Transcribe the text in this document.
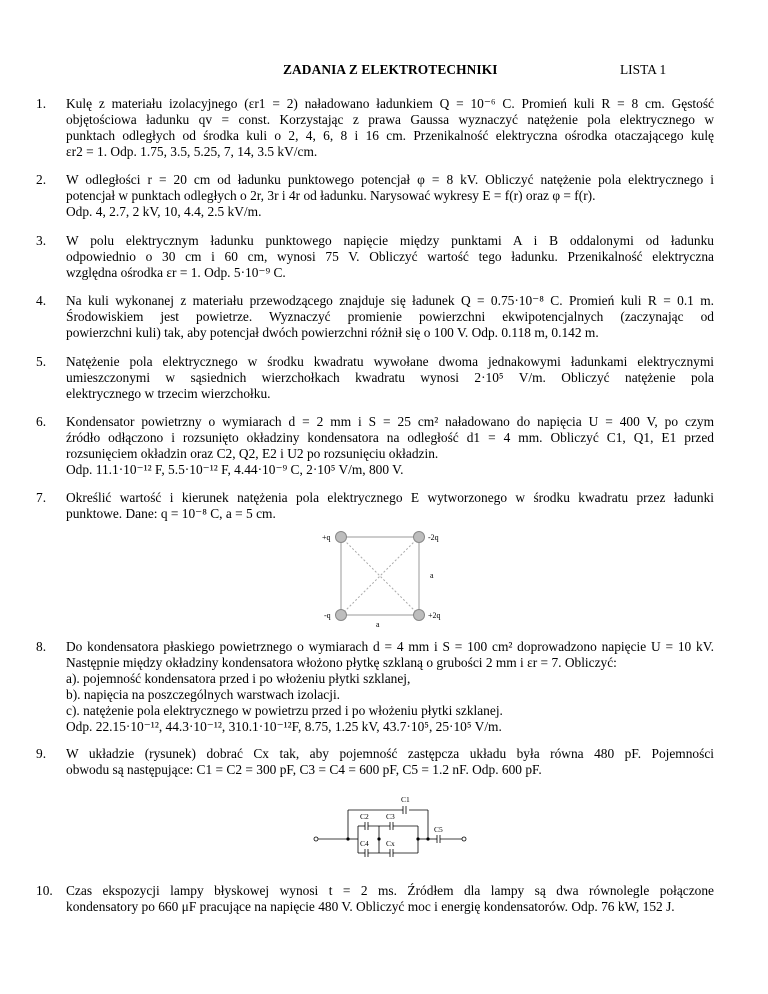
ZADANIA Z ELEKTROTECHNIKI	LISTA 1
1.	Kulę z materiału izolacyjnego (εr1 = 2) naładowano ładunkiem Q = 10⁻⁶ C. Promień kuli R = 8 cm. Gęstość
objętościowa ładunku qv = const. Korzystając z prawa Gaussa wyznaczyć natężenie pola elektrycznego w
punktach odległych od środka kuli o 2, 4, 6, 8 i 16 cm. Przenikalność elektryczna ośrodka otaczającego kulę
εr2 = 1. Odp. 1.75, 3.5, 5.25, 7, 14, 3.5 kV/cm.
2.	W odległości r = 20 cm od ładunku punktowego potencjał φ = 8 kV. Obliczyć natężenie pola elektrycznego i
potencjał w punktach odległych o 2r, 3r i 4r od ładunku. Narysować wykresy E = f(r) oraz φ = f(r).
Odp. 4, 2.7, 2 kV, 10, 4.4, 2.5 kV/m.
3.	W polu elektrycznym ładunku punktowego napięcie między punktami A i B oddalonymi od ładunku
odpowiednio o 30 cm i 60 cm, wynosi 75 V. Obliczyć wartość tego ładunku. Przenikalność elektryczna
względna ośrodka εr = 1. Odp. 5·10⁻⁹ C.
4.	Na kuli wykonanej z materiału przewodzącego znajduje się ładunek Q = 0.75·10⁻⁸ C. Promień kuli R = 0.1 m.
Środowiskiem jest powietrze. Wyznaczyć promienie powierzchni ekwipotencjalnych (zaczynając od
powierzchni kuli) tak, aby potencjał dwóch powierzchni różnił się o 100 V. Odp. 0.118 m, 0.142 m.
5.	Natężenie pola elektrycznego w środku kwadratu wywołane dwoma jednakowymi ładunkami elektrycznymi
umieszczonymi w sąsiednich wierzchołkach kwadratu wynosi 2·10⁵ V/m. Obliczyć natężenie pola
elektrycznego w trzecim wierzchołku.
6.	Kondensator powietrzny o wymiarach d = 2 mm i S = 25 cm² naładowano do napięcia U = 400 V, po czym
źródło odłączono i rozsunięto okładziny kondensatora na odległość d1 = 4 mm. Obliczyć C1, Q1, E1 przed
rozsunięciem okładzin oraz C2, Q2, E2 i U2 po rozsunięciu okładzin.
Odp. 11.1·10⁻¹² F, 5.5·10⁻¹² F, 4.44·10⁻⁹ C, 2·10⁵ V/m, 800 V.
7.	Określić wartość i kierunek natężenia pola elektrycznego E wytworzonego w środku kwadratu przez ładunki
punktowe. Dane: q = 10⁻⁸ C, a = 5 cm.
+q	-2q
-q	+2q
a
a
8.	Do kondensatora płaskiego powietrznego o wymiarach d = 4 mm i S = 100 cm² doprowadzono napięcie U = 10 kV.
Następnie między okładziny kondensatora włożono płytkę szklaną o grubości 2 mm i εr = 7. Obliczyć:
a). pojemność kondensatora przed i po włożeniu płytki szklanej,
b). napięcia na poszczególnych warstwach izolacji.
c). natężenie pola elektrycznego w powietrzu przed i po włożeniu płytki szklanej.
Odp. 22.15·10⁻¹², 44.3·10⁻¹², 310.1·10⁻¹²F, 8.75, 1.25 kV, 43.7·10⁵, 25·10⁵ V/m.
9.	W układzie (rysunek) dobrać Cx tak, aby pojemność zastępcza układu była równa 480 pF. Pojemności
obwodu są następujące: C1 = C2 = 300 pF, C3 = C4 = 600 pF, C5 = 1.2 nF. Odp. 600 pF.
C1
C2 C3
C4 Cx
C5
10. Czas ekspozycji lampy błyskowej wynosi t = 2 ms. Źródłem dla lampy są dwa równolegle połączone
kondensatory po 660 μF pracujące na napięcie 480 V. Obliczyć moc i energię kondensatorów. Odp. 76 kW, 152 J.
